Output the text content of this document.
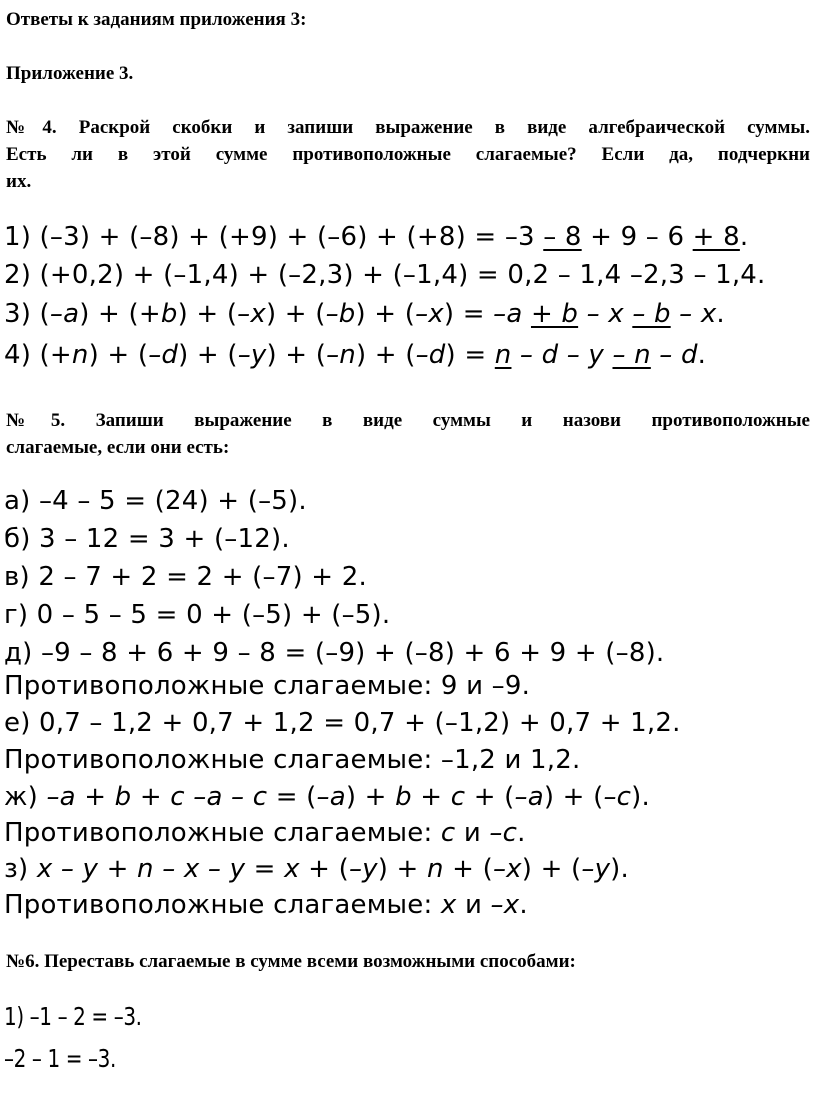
Ответы к заданиям приложения 3:
Приложение 3.
№4. Раскрой скобки и запиши выражение в виде алгебраической суммы.
Есть ли в этой сумме противоположные слагаемые? Если да, подчеркни
их.
1) (–3) + (–8) + (+9) + (–6) + (+8) = –3 – 8 + 9 – 6 + 8.
2) (+0,2) + (–1,4) + (–2,3) + (–1,4) = 0,2 – 1,4 –2,3 – 1,4.
3) (–a) + (+b) + (–x) + (–b) + (–x) = –a + b – x – b – x.
4) (+n) + (–d) + (–y) + (–n) + (–d) = n – d – y – n – d.
№5. Запиши выражение в виде суммы и назови противоположные
слагаемые, если они есть:
а) –4 – 5 = (24) + (–5).
б) 3 – 12 = 3 + (–12).
в) 2 – 7 + 2 = 2 + (–7) + 2.
г) 0 – 5 – 5 = 0 + (–5) + (–5).
д) –9 – 8 + 6 + 9 – 8 = (–9) + (–8) + 6 + 9 + (–8).
Противоположные слагаемые: 9 и –9.
е) 0,7 – 1,2 + 0,7 + 1,2 = 0,7 + (–1,2) + 0,7 + 1,2.
Противоположные слагаемые: –1,2 и 1,2.
ж) –a + b + c –a – c = (–a) + b + c + (–a) + (–c).
Противоположные слагаемые: c и –c.
з) x – y + n – x – y = x + (–y) + n + (–x) + (–y).
Противоположные слагаемые: x и –x.
№6. Переставь слагаемые в сумме всеми возможными способами:
1) –1 – 2 = –3.
–2 – 1 = –3.
